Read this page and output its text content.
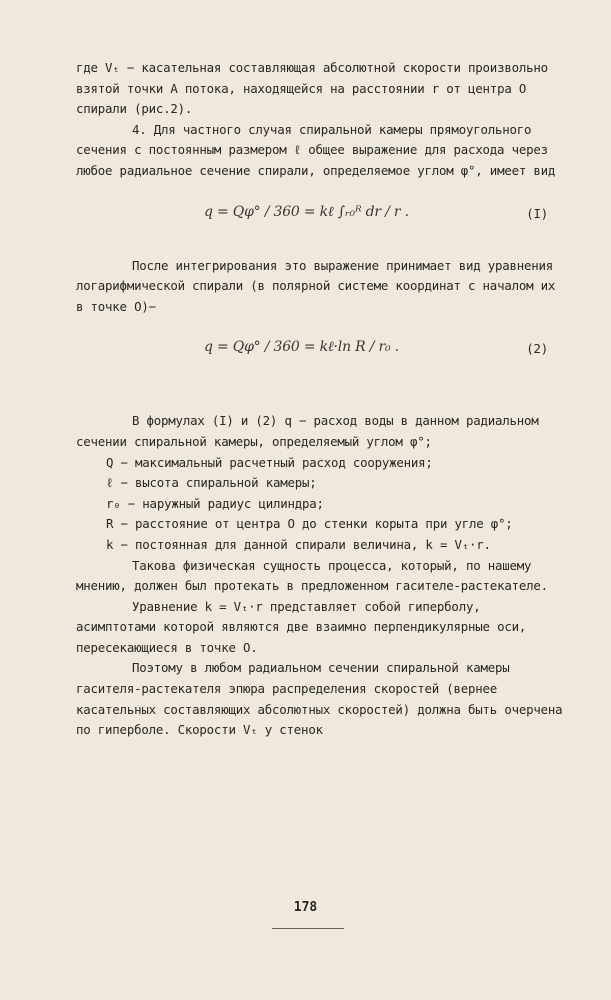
где Vₜ − касательная составляющая абсолютной скорости произвольно взятой точки A потока, находящейся на расстоянии r от центра O спирали (рис.2).

4. Для частного случая спиральной камеры прямоугольного сечения с постоянным размером ℓ общее выражение для расхода через любое радиальное сечение спирали, определяемое углом φ°, имеет вид

q = Qφ° / 360 = kℓ ∫ᵣ₀ᴿ dr / r .	(I)

После интегрирования это выражение принимает вид уравнения логарифмической спирали (в полярной системе координат с началом их в точке О)−

q = Qφ° / 360 = kℓ·ln R / r₀ .	(2)

В формулах (I) и (2) q − расход воды в данном радиальном сечении спиральной камеры, определяемый углом φ°;

Q − максимальный расчетный расход сооружения;

ℓ − высота спиральной камеры;

r₀ − наружный радиус цилиндра;

R − расстояние от центра О до стенки корыта при угле φ°;

k − постоянная для данной спирали величина, k = Vₜ·r.

Такова физическая сущность процесса, который, по нашему мнению, должен был протекать в предложенном гасителе-растекателе.

Уравнение k = Vₜ·r представляет собой гиперболу, асимптотами которой являются две взаимно перпендикулярные оси, пересекающиеся в точке О.

Поэтому в любом радиальном сечении спиральной камеры гасителя-растекателя эпюра распределения скоростей (вернее касательных составляющих абсолютных скоростей) должна быть очерчена по гиперболе. Скорости Vₜ у стенок

178
